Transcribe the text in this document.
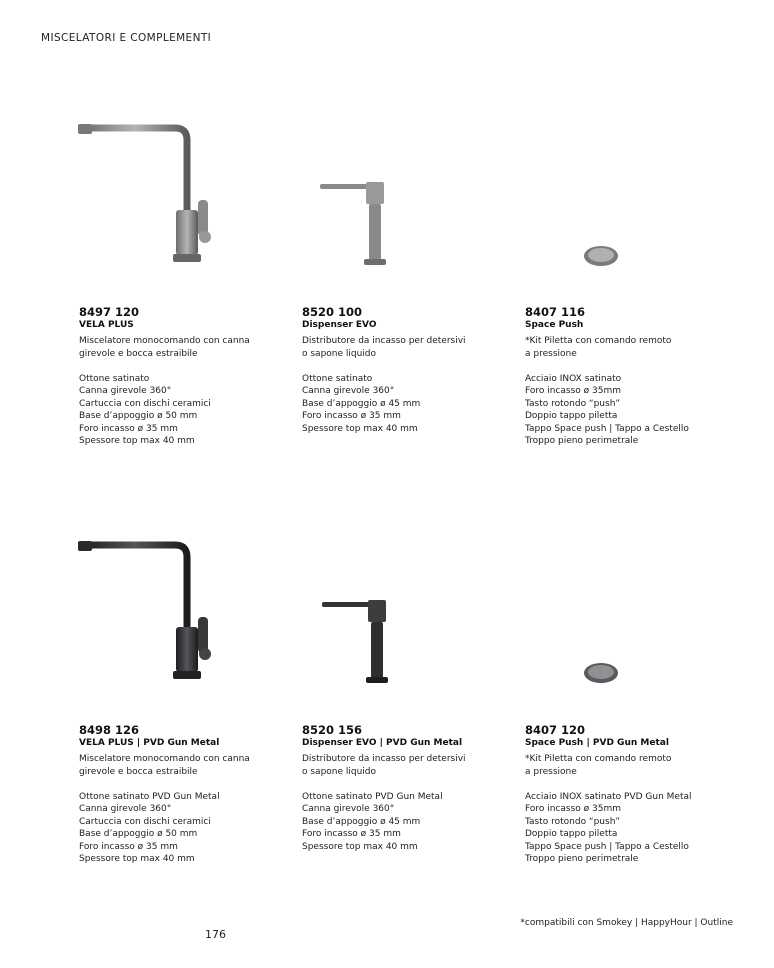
MISCELATORI E COMPLEMENTI
8497 120
VELA PLUS
Miscelatore monocomando con canna
girevole e bocca estraibile
Ottone satinato
Canna girevole 360°
Cartuccia con dischi ceramici
Base d’appoggio ø 50 mm
Foro incasso ø 35 mm
Spessore top max 40 mm
8520 100
Dispenser EVO
Distributore da incasso per detersivi
o sapone liquido
Ottone satinato
Canna girevole 360°
Base d’appoggio ø 45 mm
Foro incasso ø 35 mm
Spessore top max 40 mm
8407 116
Space Push
*Kit Piletta con comando remoto
a pressione
Acciaio INOX satinato
Foro incasso ø 35mm
Tasto rotondo “push”
Doppio tappo piletta
Tappo Space push | Tappo a Cestello
Troppo pieno perimetrale
8498 126
VELA PLUS | PVD Gun Metal
Miscelatore monocomando con canna
girevole e bocca estraibile
Ottone satinato PVD Gun Metal
Canna girevole 360°
Cartuccia con dischi ceramici
Base d’appoggio ø 50 mm
Foro incasso ø 35 mm
Spessore top max 40 mm
8520 156
Dispenser EVO | PVD Gun Metal
Distributore da incasso per detersivi
o sapone liquido
Ottone satinato PVD Gun Metal
Canna girevole 360°
Base d’appoggio ø 45 mm
Foro incasso ø 35 mm
Spessore top max 40 mm
8407 120
Space Push | PVD Gun Metal
*Kit Piletta con comando remoto
a pressione
Acciaio INOX satinato PVD Gun Metal
Foro incasso ø 35mm
Tasto rotondo “push”
Doppio tappo piletta
Tappo Space push | Tappo a Cestello
Troppo pieno perimetrale
*compatibili con Smokey | HappyHour | Outline
176
